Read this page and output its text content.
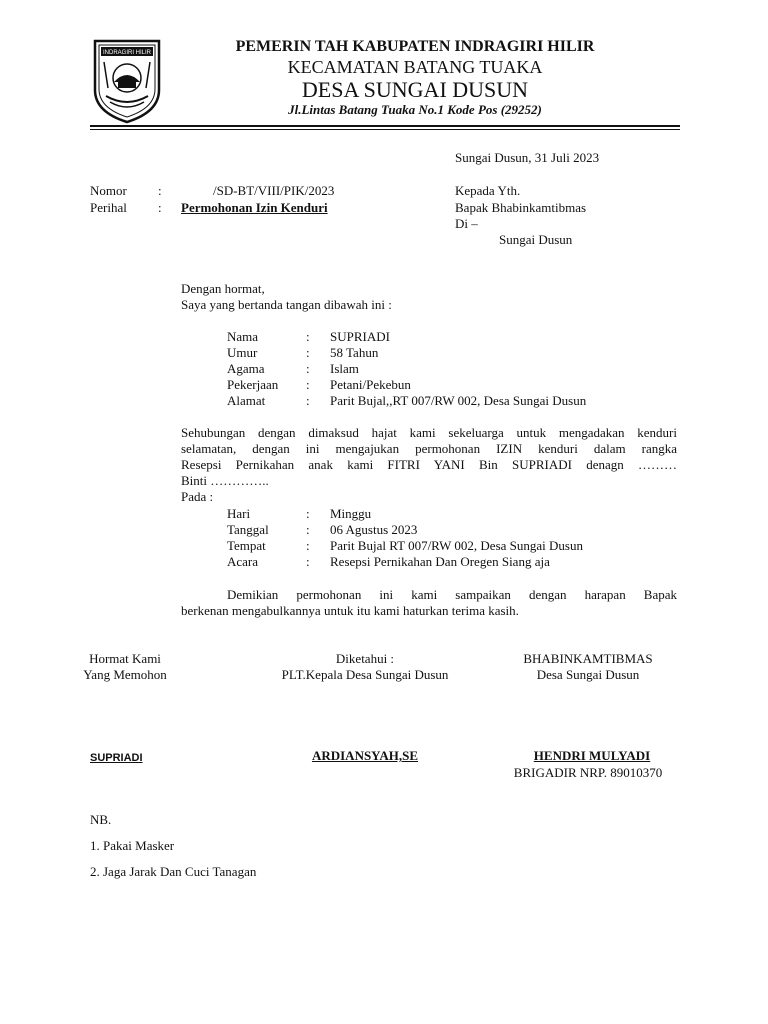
INDRAGIRI HILIR	PEMERIN TAH KABUPATEN INDRAGIRI HILIR
KECAMATAN BATANG TUAKA
DESA SUNGAI DUSUN
Jl.Lintas Batang Tuaka No.1 Kode Pos (29252)
Sungai Dusun, 31 Juli 2023
Nomor :	/SD-BT/VIII/PIK/2023
Perihal : Permohonan Izin Kenduri
Kepada Yth.
Bapak Bhabinkamtibmas
Di –
Sungai Dusun
Dengan hormat,
Saya yang bertanda tangan dibawah ini :
Nama	: SUPRIADI
Umur	: 58 Tahun
Agama	: Islam
Pekerjaan : Petani/Pekebun
Alamat	: Parit Bujal,,RT 007/RW 002, Desa Sungai Dusun
Sehubungan dengan dimaksud hajat kami sekeluarga untuk mengadakan kenduri
selamatan, dengan ini mengajukan permohonan IZIN kenduri dalam rangka
Resepsi Pernikahan anak kami FITRI YANI Bin SUPRIADI denagn ………
Binti …………..
Pada :
Hari	: Minggu
Tanggal	: 06 Agustus 2023
Tempat	: Parit Bujal RT 007/RW 002, Desa Sungai Dusun
Acara	: Resepsi Pernikahan Dan Oregen Siang aja
Demikian permohonan ini kami sampaikan dengan harapan Bapak
berkenan mengabulkannya untuk itu kami haturkan terima kasih.
Hormat Kami
Yang Memohon
SUPRIADI
Diketahui :
PLT.Kepala Desa Sungai Dusun
ARDIANSYAH,SE
BHABINKAMTIBMAS
Desa Sungai Dusun
HENDRI MULYADI
BRIGADIR NRP. 89010370
NB.
1. Pakai Masker
2. Jaga Jarak Dan Cuci Tanagan
